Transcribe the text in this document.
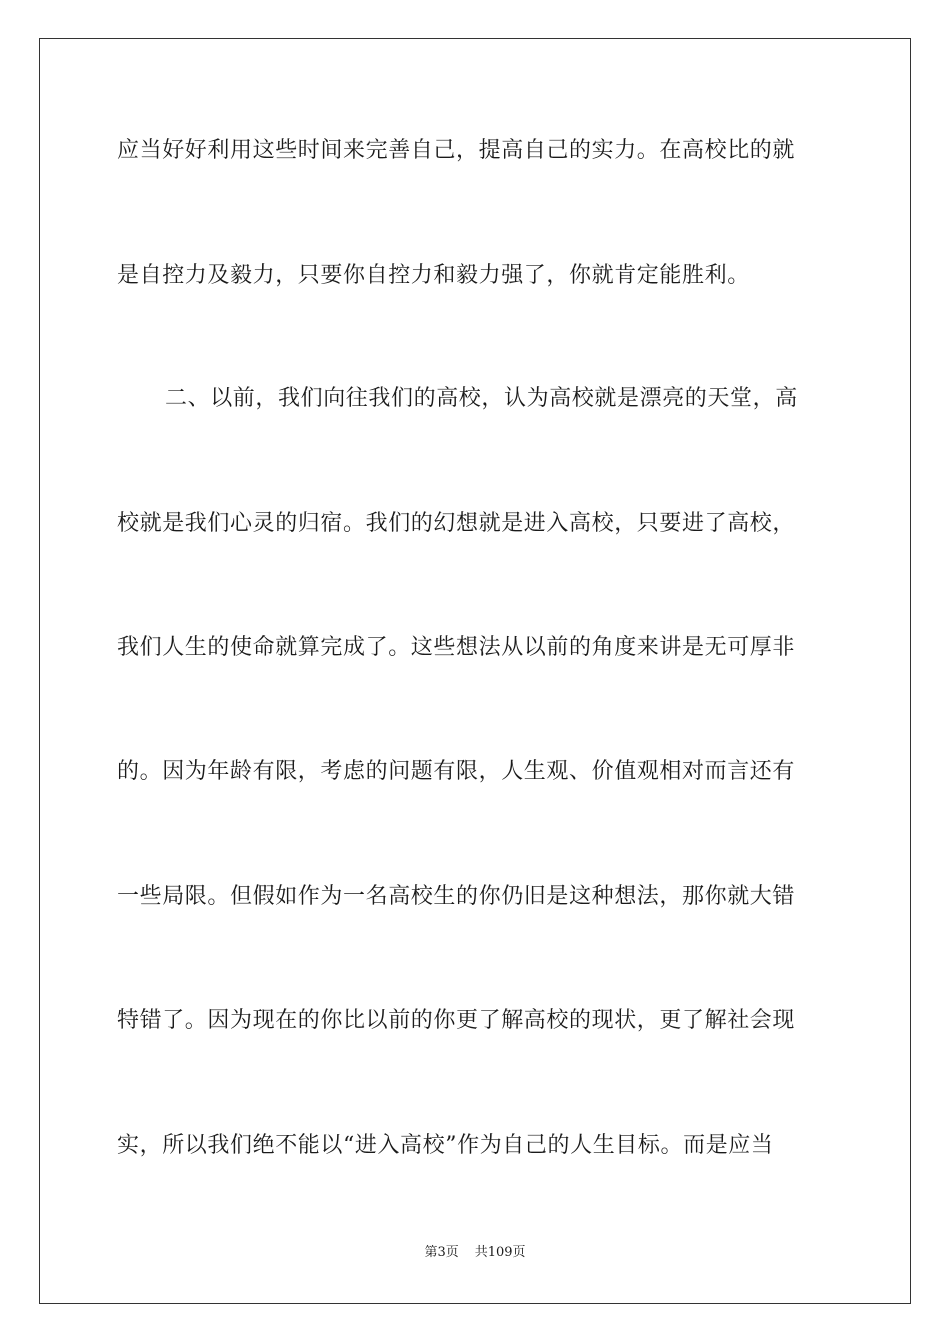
应当好好利用这些时间来完善自己，提高自己的实力。在高校比的就
是自控力及毅力，只要你自控力和毅力强了，你就肯定能胜利。
二、以前，我们向往我们的高校，认为高校就是漂亮的天堂，高
校就是我们心灵的归宿。我们的幻想就是进入高校，只要进了高校，
我们人生的使命就算完成了。这些想法从以前的角度来讲是无可厚非
的。因为年龄有限，考虑的问题有限，人生观、价值观相对而言还有
一些局限。但假如作为一名高校生的你仍旧是这种想法，那你就大错
特错了。因为现在的你比以前的你更了解高校的现状，更了解社会现
实，所以我们绝不能以“进入高校”作为自己的人生目标。而是应当
第3页 共109页
